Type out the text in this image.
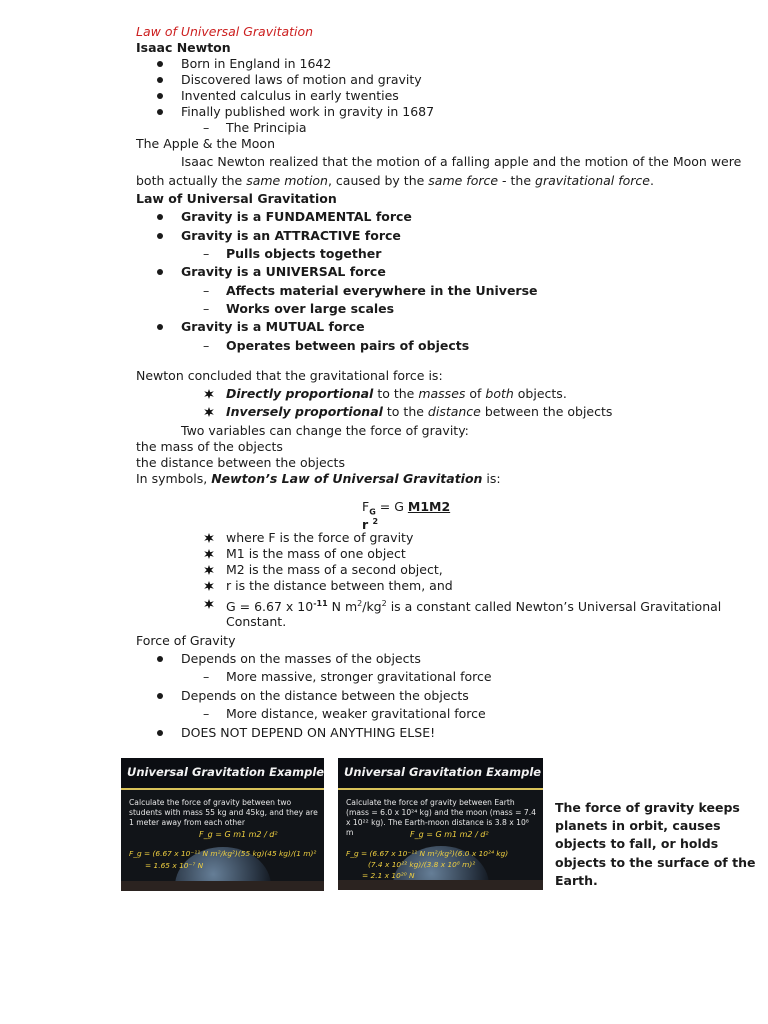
Law of Universal Gravitation
Isaac Newton
Born in England in 1642
Discovered laws of motion and gravity
Invented calculus in early twenties
Finally published work in gravity in 1687
– The Principia
The Apple & the Moon
Isaac Newton realized that the motion of a falling apple and the motion of the Moon were
both actually the same motion, caused by the same force - the gravitational force.
Law of Universal Gravitation
Gravity is a FUNDAMENTAL force
Gravity is an ATTRACTIVE force
– Pulls objects together
Gravity is a UNIVERSAL force
– Affects material everywhere in the Universe
– Works over large scales
Gravity is a MUTUAL force
– Operates between pairs of objects
Newton concluded that the gravitational force is:
Directly proportional to the masses of both objects.
Inversely proportional to the distance between the objects
Two variables can change the force of gravity:
the mass of the objects
the distance between the objects
In symbols, Newton’s Law of Universal Gravitation is:
$F_G = G$ M1M2
r $^2$
where F is the force of gravity
M1 is the mass of one object
M2 is the mass of a second object,
r is the distance between them, and
G = 6.67 x $10^{-11}$ N $m^2/kg^2$ is a constant called Newton’s Universal Gravitational
Constant.
Force of Gravity
Depends on the masses of the objects
– More massive, stronger gravitational force
Depends on the distance between the objects
– More distance, weaker gravitational force
DOES NOT DEPEND ON ANYTHING ELSE!
Universal Gravitation Example
Calculate the force of gravity between two students with mass 55 kg and 45kg, and they are 1 meter away from each other
F_g = G m1 m2 / d²
F_g = (6.67 x 10⁻¹¹ N m²/kg²)(55 kg)(45 kg)/(1 m)²
= 1.65 x 10⁻⁷ N
Universal Gravitation Example
Calculate the force of gravity between Earth (mass = 6.0 x 10²⁴ kg) and the moon (mass = 7.4 x 10²² kg). The Earth-moon distance is 3.8 x 10⁸ m	F_g = G m1 m2 / d²
F_g = (6.67 x 10⁻¹¹ N m²/kg²)(6.0 x 10²⁴ kg)
(7.4 x 10²² kg)/(3.8 x 10⁸ m)²
= 2.1 x 10²⁰ N
The force of gravity keeps
planets in orbit, causes
objects to fall, or holds
objects to the surface of the
Earth.
